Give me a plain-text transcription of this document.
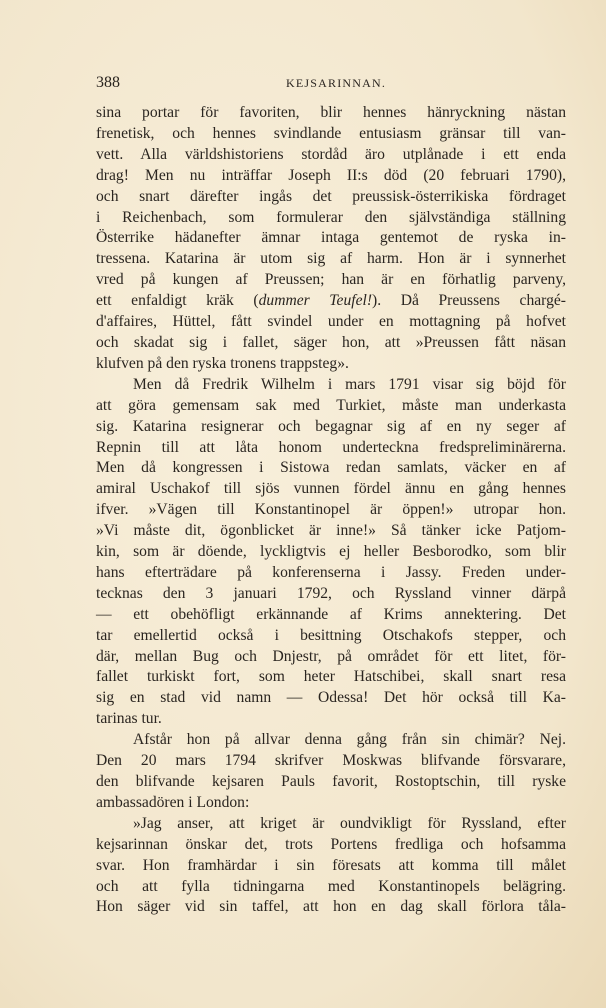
388	KEJSARINNAN.
sina portar för favoriten, blir hennes hänryckning nästan
frenetisk, och hennes svindlande entusiasm gränsar till van-
vett. Alla världshistoriens stordåd äro utplånade i ett enda
drag! Men nu inträffar Joseph II:s död (20 februari 1790),
och snart därefter ingås det preussisk-österrikiska fördraget
i Reichenbach, som formulerar den självständiga ställning
Österrike hädanefter ämnar intaga gentemot de ryska in-
tressena. Katarina är utom sig af harm. Hon är i synnerhet
vred på kungen af Preussen; han är en förhatlig parveny,
ett enfaldigt kräk (dummer Teufel!). Då Preussens chargé-
d'affaires, Hüttel, fått svindel under en mottagning på hofvet
och skadat sig i fallet, säger hon, att »Preussen fått näsan
klufven på den ryska tronens trappsteg».
Men då Fredrik Wilhelm i mars 1791 visar sig böjd för
att göra gemensam sak med Turkiet, måste man underkasta
sig. Katarina resignerar och begagnar sig af en ny seger af
Repnin till att låta honom underteckna fredspreliminärerna.
Men då kongressen i Sistowa redan samlats, väcker en af
amiral Uschakof till sjös vunnen fördel ännu en gång hennes
ifver. »Vägen till Konstantinopel är öppen!» utropar hon.
»Vi måste dit, ögonblicket är inne!» Så tänker icke Patjom-
kin, som är döende, lyckligtvis ej heller Besborodko, som blir
hans efterträdare på konferenserna i Jassy. Freden under-
tecknas den 3 januari 1792, och Ryssland vinner därpå
— ett obehöfligt erkännande af Krims annektering. Det
tar emellertid också i besittning Otschakofs stepper, och
där, mellan Bug och Dnjestr, på området för ett litet, för-
fallet turkiskt fort, som heter Hatschibei, skall snart resa
sig en stad vid namn — Odessa! Det hör också till Ka-
tarinas tur.
Afstår hon på allvar denna gång från sin chimär? Nej.
Den 20 mars 1794 skrifver Moskwas blifvande försvarare,
den blifvande kejsaren Pauls favorit, Rostoptschin, till ryske
ambassadören i London:
»Jag anser, att kriget är oundvikligt för Ryssland, efter
kejsarinnan önskar det, trots Portens fredliga och hofsamma
svar. Hon framhärdar i sin föresats att komma till målet
och att fylla tidningarna med Konstantinopels belägring.
Hon säger vid sin taffel, att hon en dag skall förlora tåla-
